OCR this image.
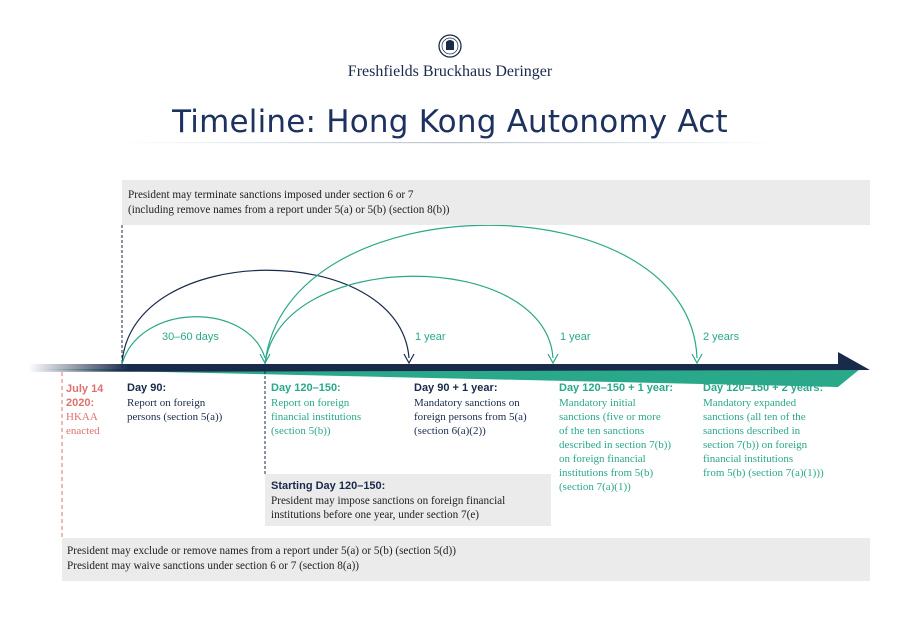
Freshfields Bruckhaus Deringer
Timeline: Hong Kong Autonomy Act
President may terminate sanctions imposed under section 6 or 7
(including remove names from a report under 5(a) or 5(b) (section 8(b))
30–60 days	1 year	1 year	2 years
July 14 2020:
HKAA
enacted
Day 90:
Report on foreign
persons (section 5(a))
Day 120–150:
Report on foreign
financial institutions
(section 5(b))
Day 90 + 1 year:
Mandatory sanctions on
foreign persons from 5(a)
(section 6(a)(2))
Day 120–150 + 1 year:
Mandatory initial
sanctions (five or more
of the ten sanctions
described in section 7(b))
on foreign financial
institutions from 5(b)
(section 7(a)(1))
Day 120–150 + 2 years:
Mandatory expanded
sanctions (all ten of the
sanctions described in
section 7(b)) on foreign
financial institutions
from 5(b) (section 7(a)(1)))
Starting Day 120–150:
President may impose sanctions on foreign financial
institutions before one year, under section 7(e)
President may exclude or remove names from a report under 5(a) or 5(b) (section 5(d))
President may waive sanctions under section 6 or 7 (section 8(a))
